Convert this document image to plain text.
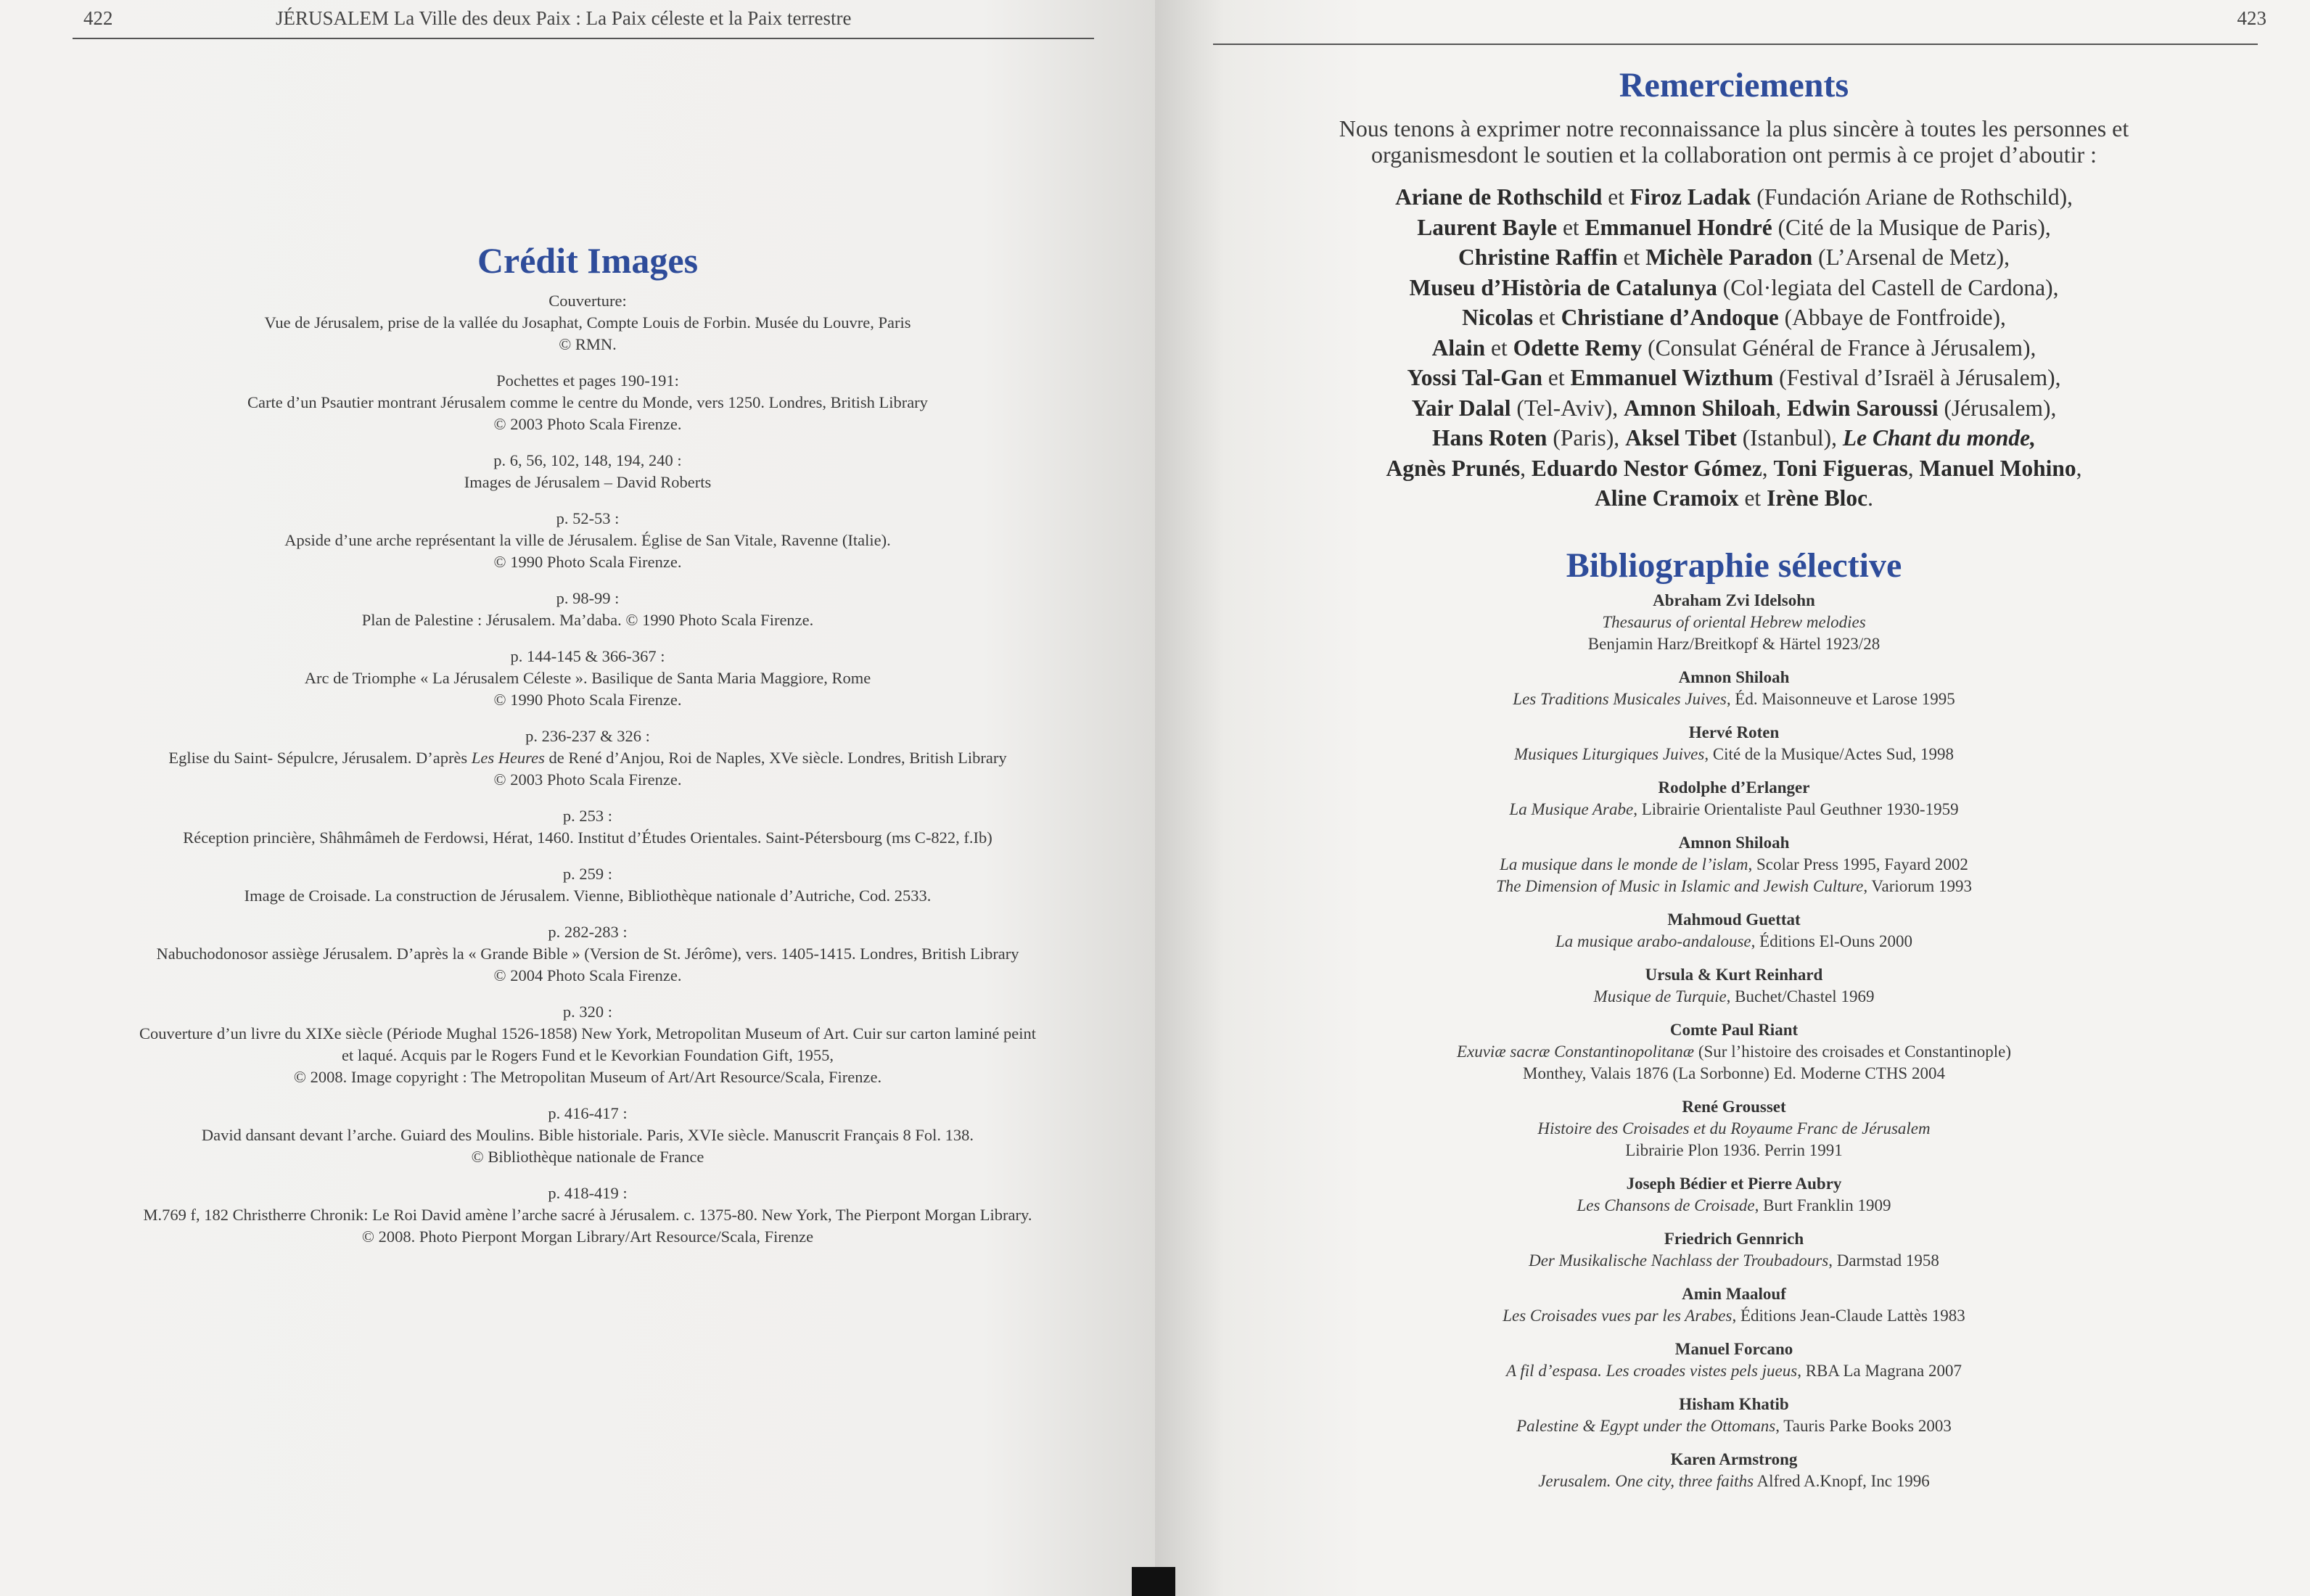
422	JÉRUSALEM La Ville des deux Paix : La Paix céleste et la Paix terrestre
Crédit Images
Couverture:
Vue de Jérusalem, prise de la vallée du Josaphat, Compte Louis de Forbin. Musée du Louvre, Paris
© RMN.
Pochettes et pages 190-191:
Carte d’un Psautier montrant Jérusalem comme le centre du Monde, vers 1250. Londres, British Library
© 2003 Photo Scala Firenze.
p. 6, 56, 102, 148, 194, 240 :
Images de Jérusalem – David Roberts
p. 52-53 :
Apside d’une arche représentant la ville de Jérusalem. Église de San Vitale, Ravenne (Italie).
© 1990 Photo Scala Firenze.
p. 98-99 :
Plan de Palestine : Jérusalem. Ma’daba. © 1990 Photo Scala Firenze.
p. 144-145 & 366-367 :
Arc de Triomphe « La Jérusalem Céleste ». Basilique de Santa Maria Maggiore, Rome
© 1990 Photo Scala Firenze.
p. 236-237 & 326 :
Eglise du Saint- Sépulcre, Jérusalem. D’après Les Heures de René d’Anjou, Roi de Naples, XVe siècle. Londres, British Library
© 2003 Photo Scala Firenze.
p. 253 :
Réception princière, Shâhmâmeh de Ferdowsi, Hérat, 1460. Institut d’Études Orientales. Saint-Pétersbourg (ms C-822, f.Ib)
p. 259 :
Image de Croisade. La construction de Jérusalem. Vienne, Bibliothèque nationale d’Autriche, Cod. 2533.
p. 282-283 :
Nabuchodonosor assiège Jérusalem. D’après la « Grande Bible » (Version de St. Jérôme), vers. 1405-1415. Londres, British Library
© 2004 Photo Scala Firenze.
p. 320 :
Couverture d’un livre du XIXe siècle (Période Mughal 1526-1858) New York, Metropolitan Museum of Art. Cuir sur carton laminé peint
et laqué. Acquis par le Rogers Fund et le Kevorkian Foundation Gift, 1955,
© 2008. Image copyright : The Metropolitan Museum of Art/Art Resource/Scala, Firenze.
p. 416-417 :
David dansant devant l’arche. Guiard des Moulins. Bible historiale. Paris, XVIe siècle. Manuscrit Français 8 Fol. 138.
© Bibliothèque nationale de France
p. 418-419 :
M.769 f, 182 Christherre Chronik: Le Roi David amène l’arche sacré à Jérusalem. c. 1375-80. New York, The Pierpont Morgan Library.
© 2008. Photo Pierpont Morgan Library/Art Resource/Scala, Firenze
423
Remerciements
Nous tenons à exprimer notre reconnaissance la plus sincère à toutes les personnes et
organismesdont le soutien et la collaboration ont permis à ce projet d’aboutir :
Ariane de Rothschild et Firoz Ladak (Fundación Ariane de Rothschild),
Laurent Bayle et Emmanuel Hondré (Cité de la Musique de Paris),
Christine Raffin et Michèle Paradon (L’Arsenal de Metz),
Museu d’Història de Catalunya (Col·legiata del Castell de Cardona),
Nicolas et Christiane d’Andoque (Abbaye de Fontfroide),
Alain et Odette Remy (Consulat Général de France à Jérusalem),
Yossi Tal-Gan et Emmanuel Wizthum (Festival d’Israël à Jérusalem),
Yair Dalal (Tel-Aviv), Amnon Shiloah, Edwin Saroussi (Jérusalem),
Hans Roten (Paris), Aksel Tibet (Istanbul), Le Chant du monde,
Agnès Prunés, Eduardo Nestor Gómez, Toni Figueras, Manuel Mohino,
Aline Cramoix et Irène Bloc.
Bibliographie sélective
Abraham Zvi Idelsohn
Thesaurus of oriental Hebrew melodies
Benjamin Harz/Breitkopf & Härtel 1923/28
Amnon Shiloah
Les Traditions Musicales Juives, Éd. Maisonneuve et Larose 1995
Hervé Roten
Musiques Liturgiques Juives, Cité de la Musique/Actes Sud, 1998
Rodolphe d’Erlanger
La Musique Arabe, Librairie Orientaliste Paul Geuthner 1930-1959
Amnon Shiloah
La musique dans le monde de l’islam, Scolar Press 1995, Fayard 2002
The Dimension of Music in Islamic and Jewish Culture, Variorum 1993
Mahmoud Guettat
La musique arabo-andalouse, Éditions El-Ouns 2000
Ursula & Kurt Reinhard
Musique de Turquie, Buchet/Chastel 1969
Comte Paul Riant
Exuviæ sacræ Constantinopolitanæ (Sur l’histoire des croisades et Constantinople)
Monthey, Valais 1876 (La Sorbonne) Ed. Moderne CTHS 2004
René Grousset
Histoire des Croisades et du Royaume Franc de Jérusalem
Librairie Plon 1936. Perrin 1991
Joseph Bédier et Pierre Aubry
Les Chansons de Croisade, Burt Franklin 1909
Friedrich Gennrich
Der Musikalische Nachlass der Troubadours, Darmstad 1958
Amin Maalouf
Les Croisades vues par les Arabes, Éditions Jean-Claude Lattès 1983
Manuel Forcano
A fil d’espasa. Les croades vistes pels jueus, RBA La Magrana 2007
Hisham Khatib
Palestine & Egypt under the Ottomans, Tauris Parke Books 2003
Karen Armstrong
Jerusalem. One city, three faiths Alfred A.Knopf, Inc 1996
